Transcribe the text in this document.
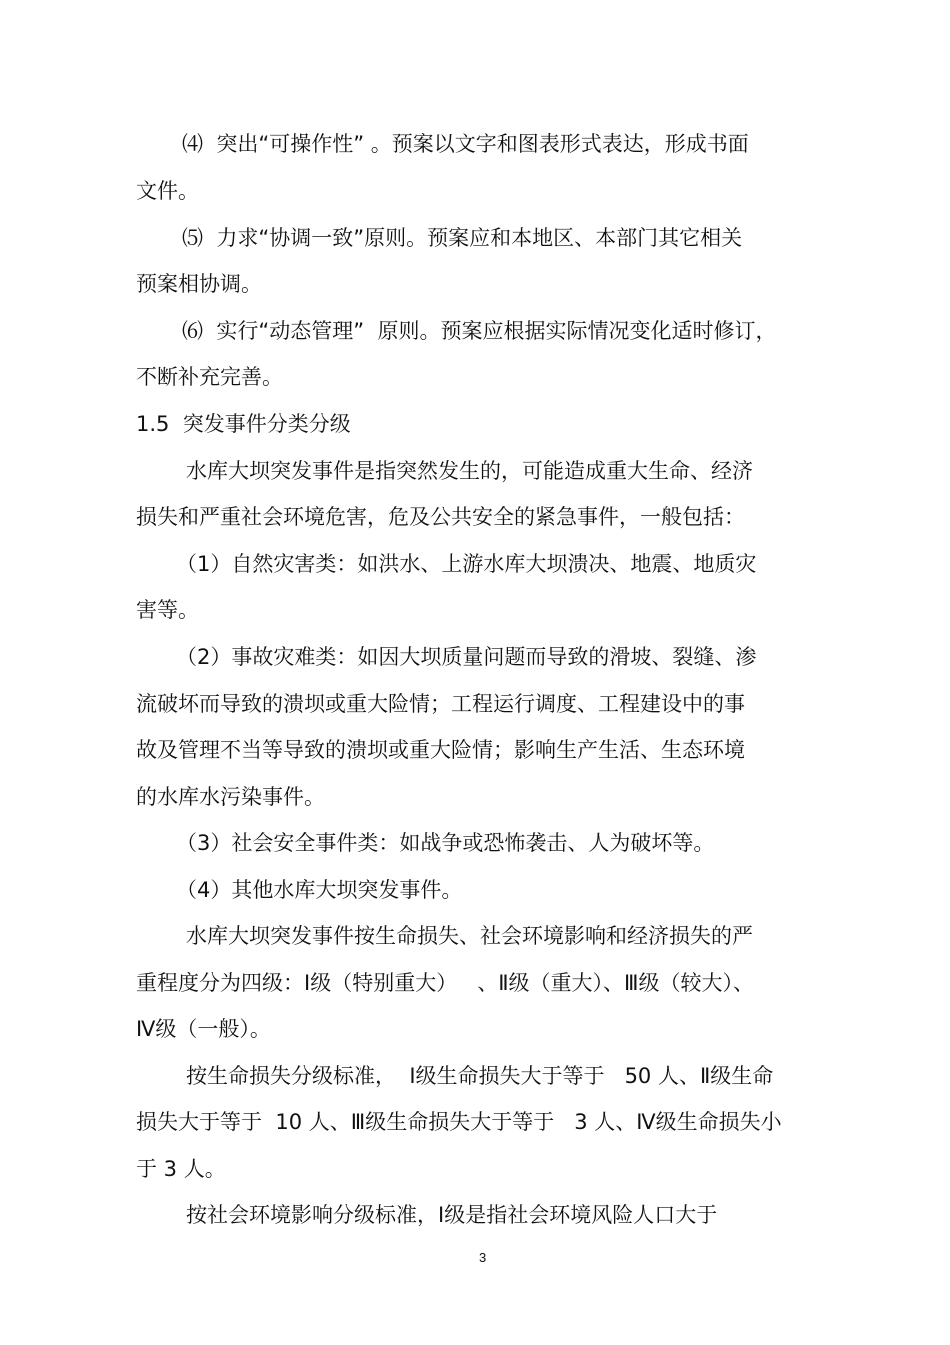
⑷  突出“可操作性” 。预案以文字和图表形式表达，形成书面
文件。
⑸  力求“协调一致”原则。预案应和本地区、本部门其它相关
预案相协调。
⑹  实行“动态管理”  原则。预案应根据实际情况变化适时修订，
不断补充完善。
1.5  突发事件分类分级
水库大坝突发事件是指突然发生的，可能造成重大生命、经济
损失和严重社会环境危害，危及公共安全的紧急事件，一般包括：
（1）自然灾害类：如洪水、上游水库大坝溃决、地震、地质灾
害等。
（2）事故灾难类：如因大坝质量问题而导致的滑坡、裂缝、渗
流破坏而导致的溃坝或重大险情；工程运行调度、工程建设中的事
故及管理不当等导致的溃坝或重大险情；影响生产生活、生态环境
的水库水污染事件。
（3）社会安全事件类：如战争或恐怖袭击、人为破坏等。
（4）其他水库大坝突发事件。
水库大坝突发事件按生命损失、社会环境影响和经济损失的严
重程度分为四级：Ⅰ级（特别重大）   、Ⅱ级（重大）、Ⅲ级（较大）、
Ⅳ级（一般）。
按生命损失分级标准，  Ⅰ级生命损失大于等于   50 人、Ⅱ级生命
损失大于等于  10 人、Ⅲ级生命损失大于等于   3 人、Ⅳ级生命损失小
于 3 人。
按社会环境影响分级标准，Ⅰ级是指社会环境风险人口大于
3
